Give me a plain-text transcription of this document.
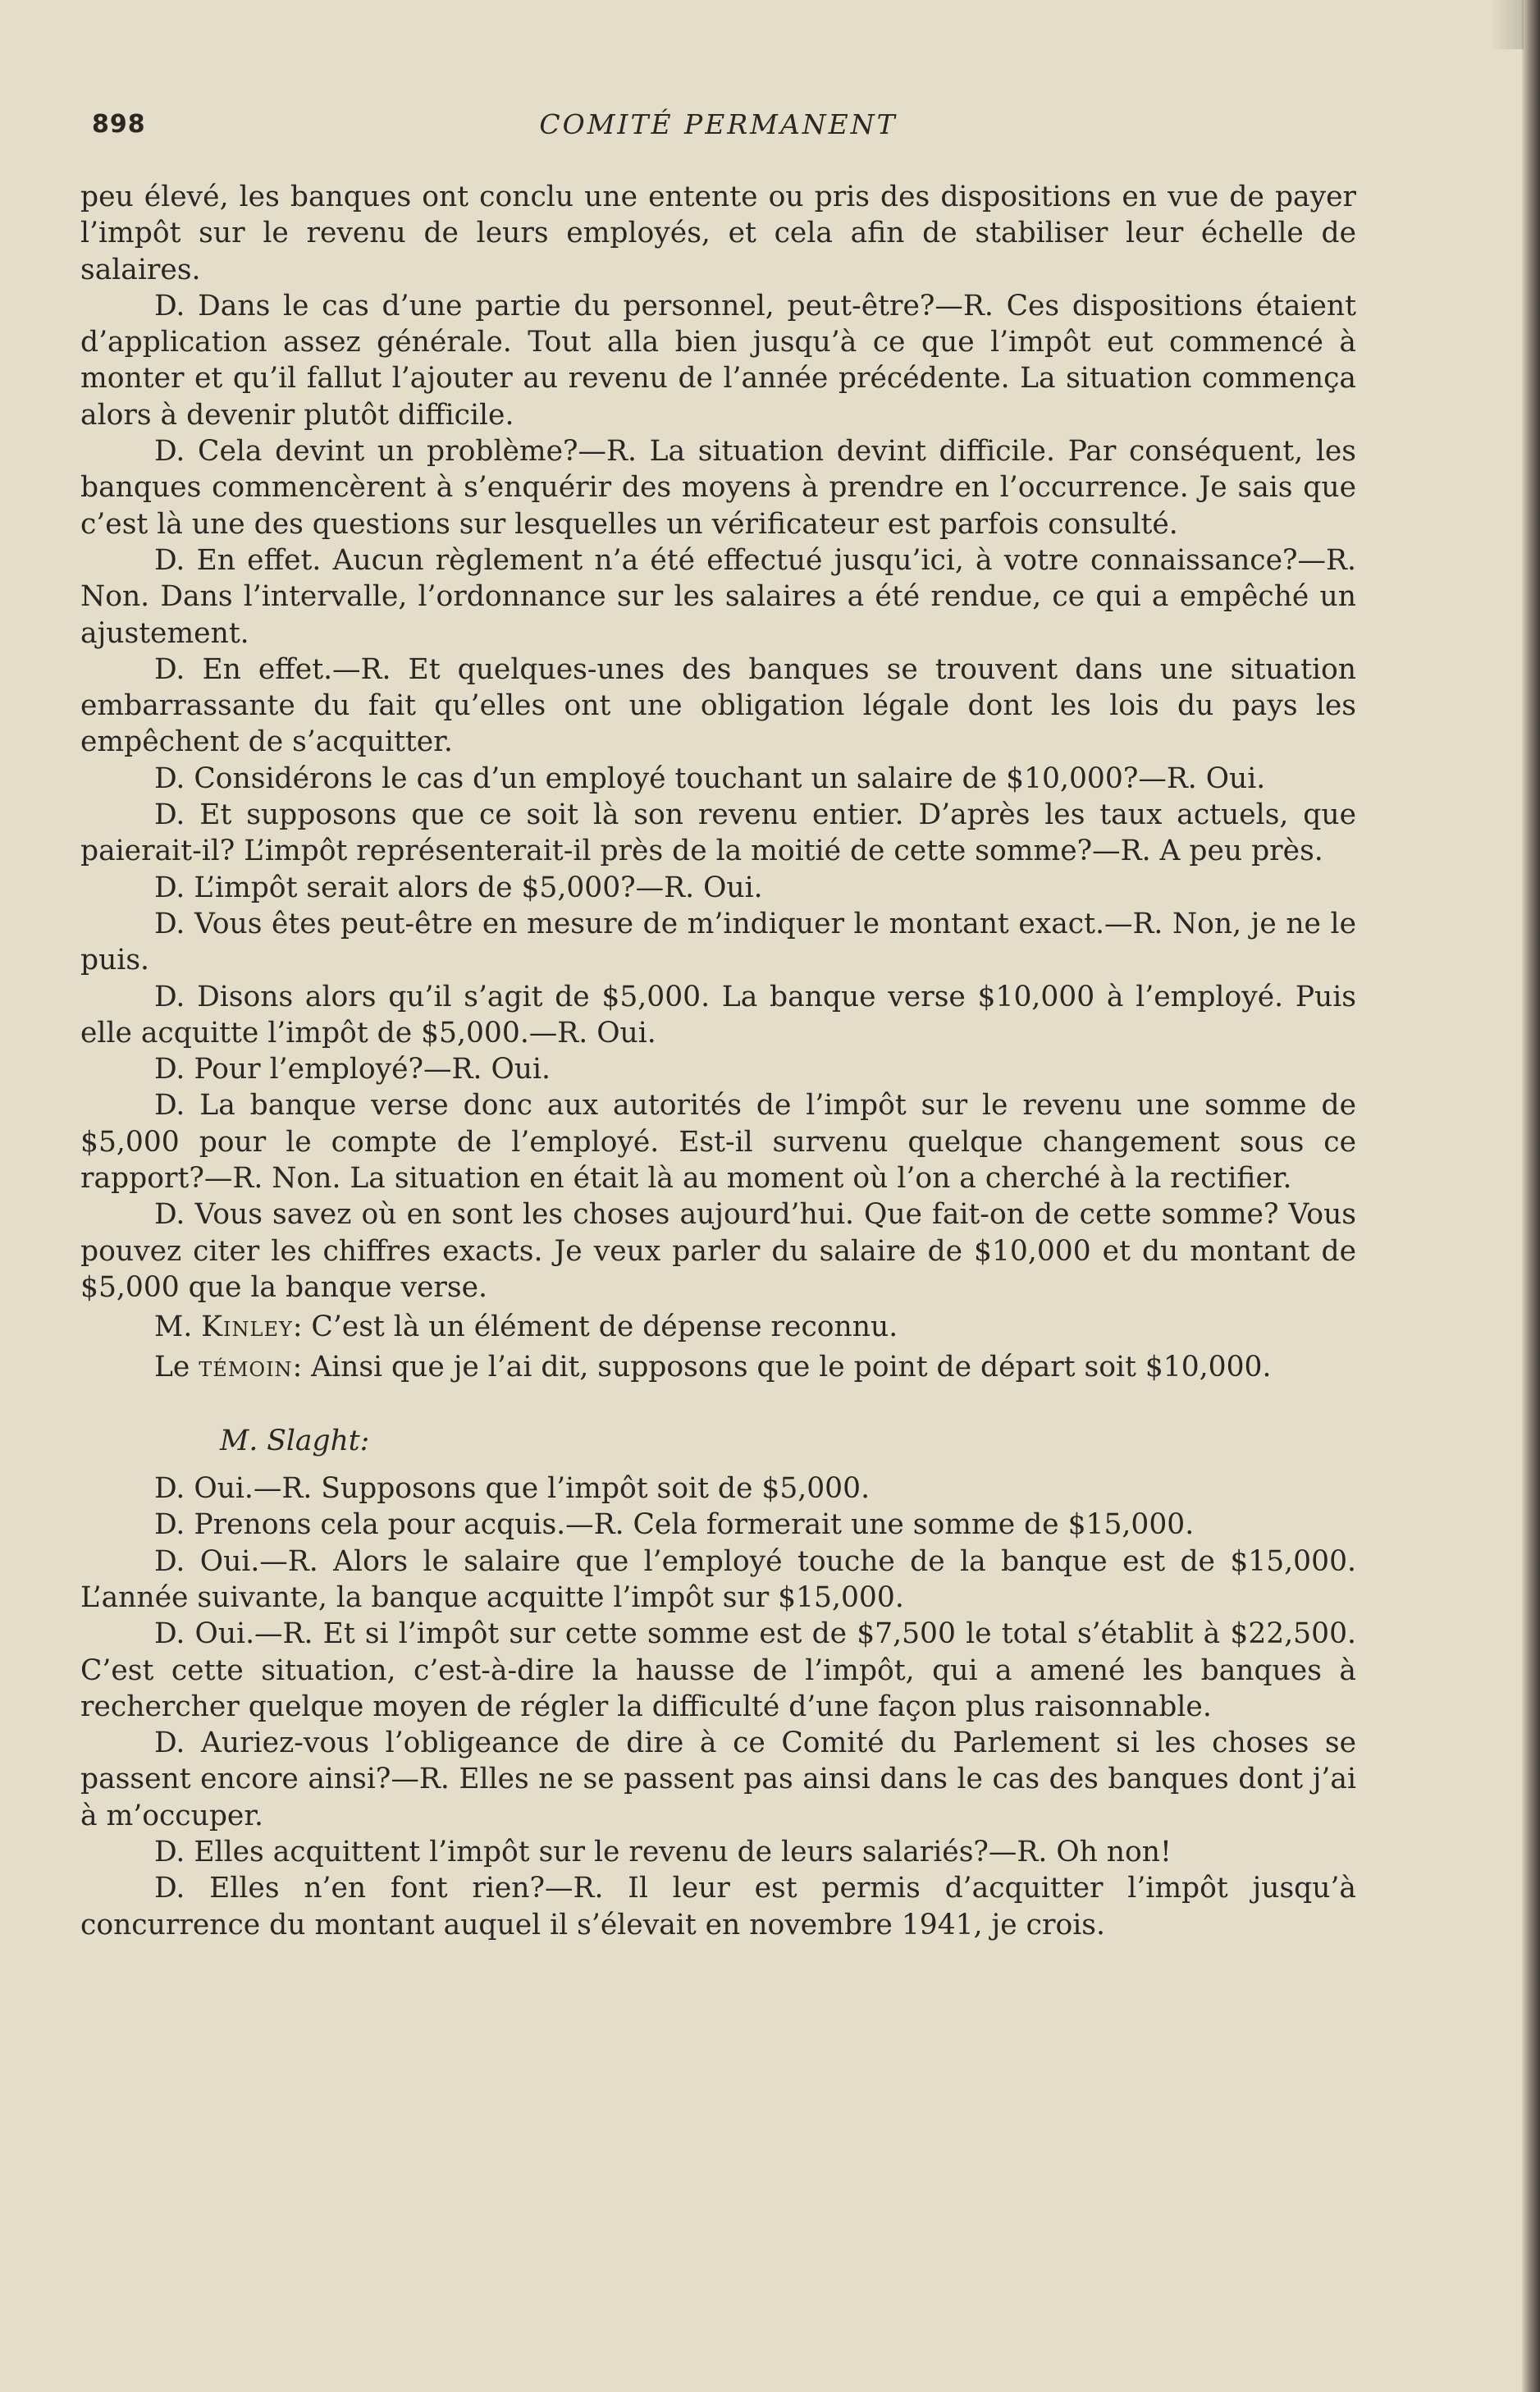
898	COMITÉ PERMANENT

peu élevé, les banques ont conclu une entente ou pris des dispositions en vue de payer l’impôt sur le revenu de leurs employés, et cela afin de stabiliser leur échelle de salaires.

D. Dans le cas d’une partie du personnel, peut-être?—R. Ces dispositions étaient d’application assez générale. Tout alla bien jusqu’à ce que l’impôt eut commencé à monter et qu’il fallut l’ajouter au revenu de l’année précédente. La situation commença alors à devenir plutôt difficile.

D. Cela devint un problème?—R. La situation devint difficile. Par conséquent, les banques commencèrent à s’enquérir des moyens à prendre en l’occurrence. Je sais que c’est là une des questions sur lesquelles un vérificateur est parfois consulté.

D. En effet. Aucun règlement n’a été effectué jusqu’ici, à votre connaissance?—R. Non. Dans l’intervalle, l’ordonnance sur les salaires a été rendue, ce qui a empêché un ajustement.

D. En effet.—R. Et quelques-unes des banques se trouvent dans une situation embarrassante du fait qu’elles ont une obligation légale dont les lois du pays les empêchent de s’acquitter.

D. Considérons le cas d’un employé touchant un salaire de $10,000?—R. Oui.

D. Et supposons que ce soit là son revenu entier. D’après les taux actuels, que paierait-il? L’impôt représenterait-il près de la moitié de cette somme?—R. A peu près.

D. L’impôt serait alors de $5,000?—R. Oui.

D. Vous êtes peut-être en mesure de m’indiquer le montant exact.—R. Non, je ne le puis.

D. Disons alors qu’il s’agit de $5,000. La banque verse $10,000 à l’employé. Puis elle acquitte l’impôt de $5,000.—R. Oui.

D. Pour l’employé?—R. Oui.

D. La banque verse donc aux autorités de l’impôt sur le revenu une somme de $5,000 pour le compte de l’employé. Est-il survenu quelque changement sous ce rapport?—R. Non. La situation en était là au moment où l’on a cherché à la rectifier.

D. Vous savez où en sont les choses aujourd’hui. Que fait-on de cette somme? Vous pouvez citer les chiffres exacts. Je veux parler du salaire de $10,000 et du montant de $5,000 que la banque verse.

M. Kinley: C’est là un élément de dépense reconnu.

Le témoin: Ainsi que je l’ai dit, supposons que le point de départ soit $10,000.

M. Slaght:

D. Oui.—R. Supposons que l’impôt soit de $5,000.

D. Prenons cela pour acquis.—R. Cela formerait une somme de $15,000.

D. Oui.—R. Alors le salaire que l’employé touche de la banque est de $15,000. L’année suivante, la banque acquitte l’impôt sur $15,000.

D. Oui.—R. Et si l’impôt sur cette somme est de $7,500 le total s’établit à $22,500. C’est cette situation, c’est-à-dire la hausse de l’impôt, qui a amené les banques à rechercher quelque moyen de régler la difficulté d’une façon plus raisonnable.

D. Auriez-vous l’obligeance de dire à ce Comité du Parlement si les choses se passent encore ainsi?—R. Elles ne se passent pas ainsi dans le cas des banques dont j’ai à m’occuper.

D. Elles acquittent l’impôt sur le revenu de leurs salariés?—R. Oh non!

D. Elles n’en font rien?—R. Il leur est permis d’acquitter l’impôt jusqu’à concurrence du montant auquel il s’élevait en novembre 1941, je crois.
